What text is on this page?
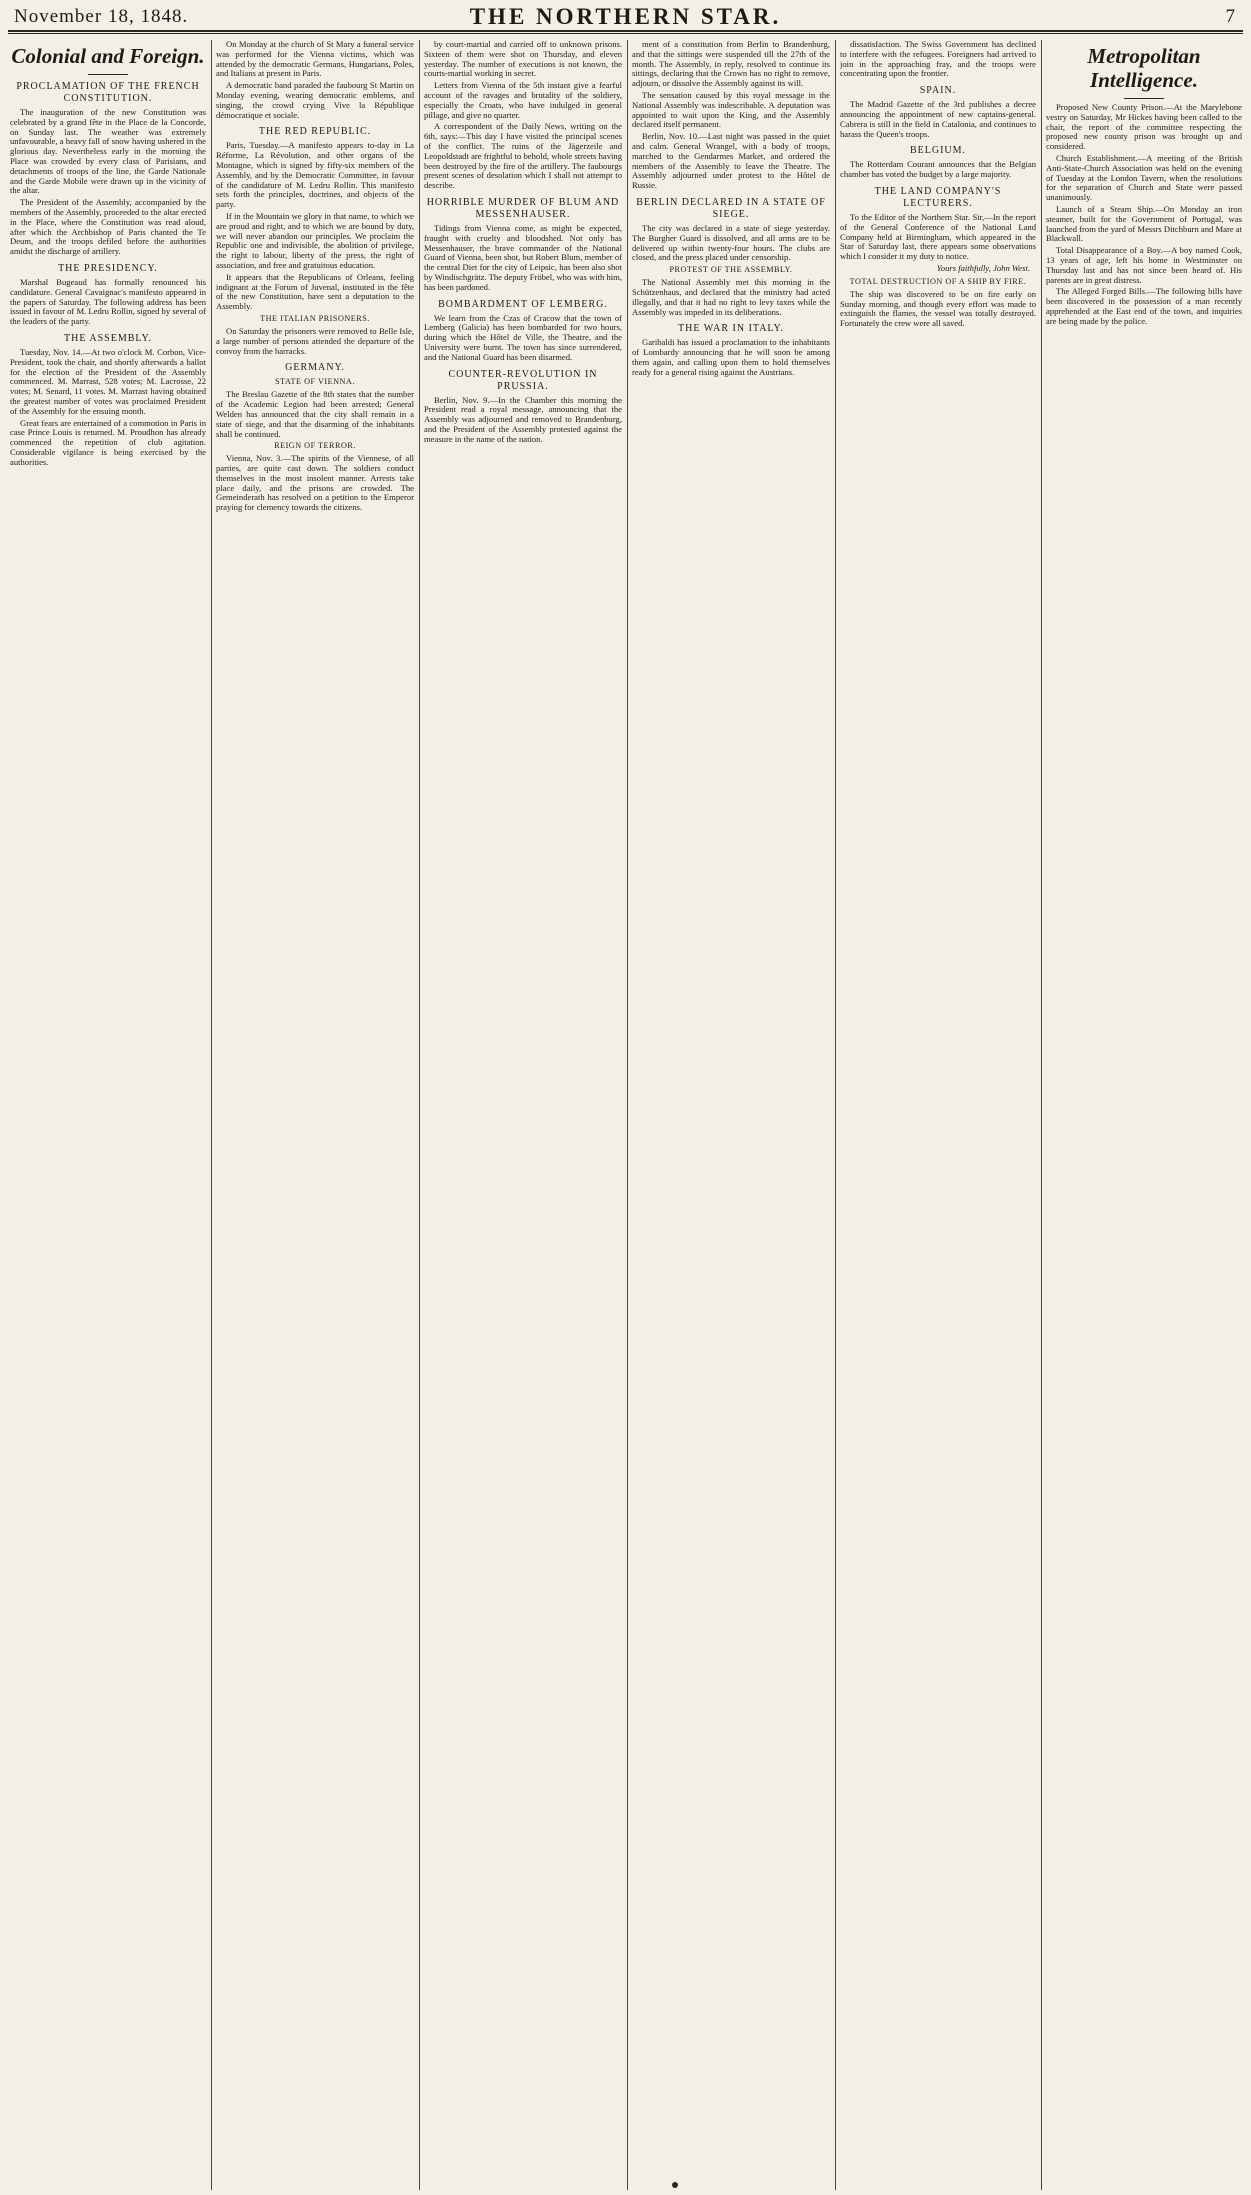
November 18, 1848.	THE NORTHERN STAR.	7
Colonial and Foreign.

PROCLAMATION OF THE FRENCH CONSTITUTION.

The inauguration of the new Constitution was celebrated by a grand fête in the Place de la Concorde, on Sunday last. The weather was extremely unfavourable, a heavy fall of snow having ushered in the glorious day. Nevertheless early in the morning the Place was crowded by every class of Parisians, and detachments of troops of the line, the Garde Nationale and the Garde Mobile were drawn up in the vicinity of the altar.

The President of the Assembly, accompanied by the members of the Assembly, proceeded to the altar erected in the Place, where the Constitution was read aloud, after which the Archbishop of Paris chanted the Te Deum, and the troops defiled before the authorities amidst the discharge of artillery.

THE PRESIDENCY.

Marshal Bugeaud has formally renounced his candidature. General Cavaignac's manifesto appeared in the papers of Saturday. The following address has been issued in favour of M. Ledru Rollin, signed by several of the leaders of the party.

THE ASSEMBLY.

Tuesday, Nov. 14.—At two o'clock M. Corbon, Vice-President, took the chair, and shortly afterwards a ballot for the election of the President of the Assembly commenced. M. Marrast, 528 votes; M. Lacrosse, 22 votes; M. Senard, 11 votes. M. Marrast having obtained the greatest number of votes was proclaimed President of the Assembly for the ensuing month.

Great fears are entertained of a commotion in Paris in case Prince Louis is returned. M. Proudhon has already commenced the repetition of club agitation. Considerable vigilance is being exercised by the authorities.

On Monday at the church of St Mary a funeral service was performed for the Vienna victims, which was attended by the democratic Germans, Hungarians, Poles, and Italians at present in Paris.

A democratic band paraded the faubourg St Martin on Monday evening, wearing democratic emblems, and singing, the crowd crying Vive la République démocratique et sociale.

THE RED REPUBLIC.

Paris, Tuesday.—A manifesto appears to-day in La Réforme, La Révolution, and other organs of the Montagne, which is signed by fifty-six members of the Assembly, and by the Democratic Committee, in favour of the candidature of M. Ledru Rollin. This manifesto sets forth the principles, doctrines, and objects of the party.

If in the Mountain we glory in that name, to which we are proud and right, and to which we are bound by duty, we will never abandon our principles. We proclaim the Republic one and indivisible, the abolition of privilege, the right to labour, liberty of the press, the right of association, and free and gratuitous education.

It appears that the Republicans of Orleans, feeling indignant at the Forum of Juvenal, instituted in the fête of the new Constitution, have sent a deputation to the Assembly.

THE ITALIAN PRISONERS.

On Saturday the prisoners were removed to Belle Isle, a large number of persons attended the departure of the convoy from the barracks.

GERMANY.

STATE OF VIENNA.

The Breslau Gazette of the 8th states that the number of the Academic Legion had been arrested; General Welden has announced that the city shall remain in a state of siege, and that the disarming of the inhabitants shall be continued.

REIGN OF TERROR.

Vienna, Nov. 3.—The spirits of the Viennese, of all parties, are quite cast down. The soldiers conduct themselves in the most insolent manner. Arrests take place daily, and the prisons are crowded. The Gemeinderath has resolved on a petition to the Emperor praying for clemency towards the citizens.

by court-martial and carried off to unknown prisons. Sixteen of them were shot on Thursday, and eleven yesterday. The number of executions is not known, the courts-martial working in secret.

Letters from Vienna of the 5th instant give a fearful account of the ravages and brutality of the soldiery, especially the Croats, who have indulged in general pillage, and give no quarter.

A correspondent of the Daily News, writing on the 6th, says:—This day I have visited the principal scenes of the conflict. The ruins of the Jägerzeile and Leopoldstadt are frightful to behold, whole streets having been destroyed by the fire of the artillery. The faubourgs present scenes of desolation which I shall not attempt to describe.

HORRIBLE MURDER OF BLUM AND MESSENHAUSER.

Tidings from Vienna come, as might be expected, fraught with cruelty and bloodshed. Not only has Messenhauser, the brave commander of the National Guard of Vienna, been shot, but Robert Blum, member of the central Diet for the city of Leipsic, has been also shot by Windischgrätz. The deputy Fröbel, who was with him, has been pardoned.

BOMBARDMENT OF LEMBERG.

We learn from the Czas of Cracow that the town of Lemberg (Galicia) has been bombarded for two hours, during which the Hôtel de Ville, the Theatre, and the University were burnt. The town has since surrendered, and the National Guard has been disarmed.

COUNTER-REVOLUTION IN PRUSSIA.

Berlin, Nov. 9.—In the Chamber this morning the President read a royal message, announcing that the Assembly was adjourned and removed to Brandenburg, and the President of the Assembly protested against the measure in the name of the nation.

ment of a constitution from Berlin to Brandenburg, and that the sittings were suspended till the 27th of the month. The Assembly, in reply, resolved to continue its sittings, declaring that the Crown has no right to remove, adjourn, or dissolve the Assembly against its will.

The sensation caused by this royal message in the National Assembly was indescribable. A deputation was appointed to wait upon the King, and the Assembly declared itself permanent.

Berlin, Nov. 10.—Last night was passed in the quiet and calm. General Wrangel, with a body of troops, marched to the Gendarmes Market, and ordered the members of the Assembly to leave the Theatre. The Assembly adjourned under protest to the Hôtel de Russie.

BERLIN DECLARED IN A STATE OF SIEGE.

The city was declared in a state of siege yesterday. The Burgher Guard is dissolved, and all arms are to be delivered up within twenty-four hours. The clubs are closed, and the press placed under censorship.

PROTEST OF THE ASSEMBLY.

The National Assembly met this morning in the Schützenhaus, and declared that the ministry had acted illegally, and that it had no right to levy taxes while the Assembly was impeded in its deliberations.

THE WAR IN ITALY.

Garibaldi has issued a proclamation to the inhabitants of Lombardy announcing that he will soon be among them again, and calling upon them to hold themselves ready for a general rising against the Austrians.

dissatisfaction. The Swiss Government has declined to interfere with the refugees. Foreigners had arrived to join in the approaching fray, and the troops were concentrating upon the frontier.

SPAIN.

The Madrid Gazette of the 3rd publishes a decree announcing the appointment of new captains-general. Cabrera is still in the field in Catalonia, and continues to harass the Queen's troops.

BELGIUM.

The Rotterdam Courant announces that the Belgian chamber has voted the budget by a large majority.

THE LAND COMPANY'S LECTURERS.

To the Editor of the Northern Star. Sir,—In the report of the General Conference of the National Land Company held at Birmingham, which appeared in the Star of Saturday last, there appears some observations which I consider it my duty to notice.

Yours faithfully, John West.

TOTAL DESTRUCTION OF A SHIP BY FIRE.

The ship was discovered to be on fire early on Sunday morning, and though every effort was made to extinguish the flames, the vessel was totally destroyed. Fortunately the crew were all saved.

Metropolitan Intelligence.

Proposed New County Prison.—At the Marylebone vestry on Saturday, Mr Hickes having been called to the chair, the report of the committee respecting the proposed new county prison was brought up and considered.

Church Establishment.—A meeting of the British Anti-State-Church Association was held on the evening of Tuesday at the London Tavern, when the resolutions for the separation of Church and State were passed unanimously.

Launch of a Steam Ship.—On Monday an iron steamer, built for the Government of Portugal, was launched from the yard of Messrs Ditchburn and Mare at Blackwall.

Total Disappearance of a Boy.—A boy named Cook, 13 years of age, left his home in Westminster on Thursday last and has not since been heard of. His parents are in great distress.

The Alleged Forged Bills.—The following bills have been discovered in the possession of a man recently apprehended at the East end of the town, and inquiries are being made by the police.
